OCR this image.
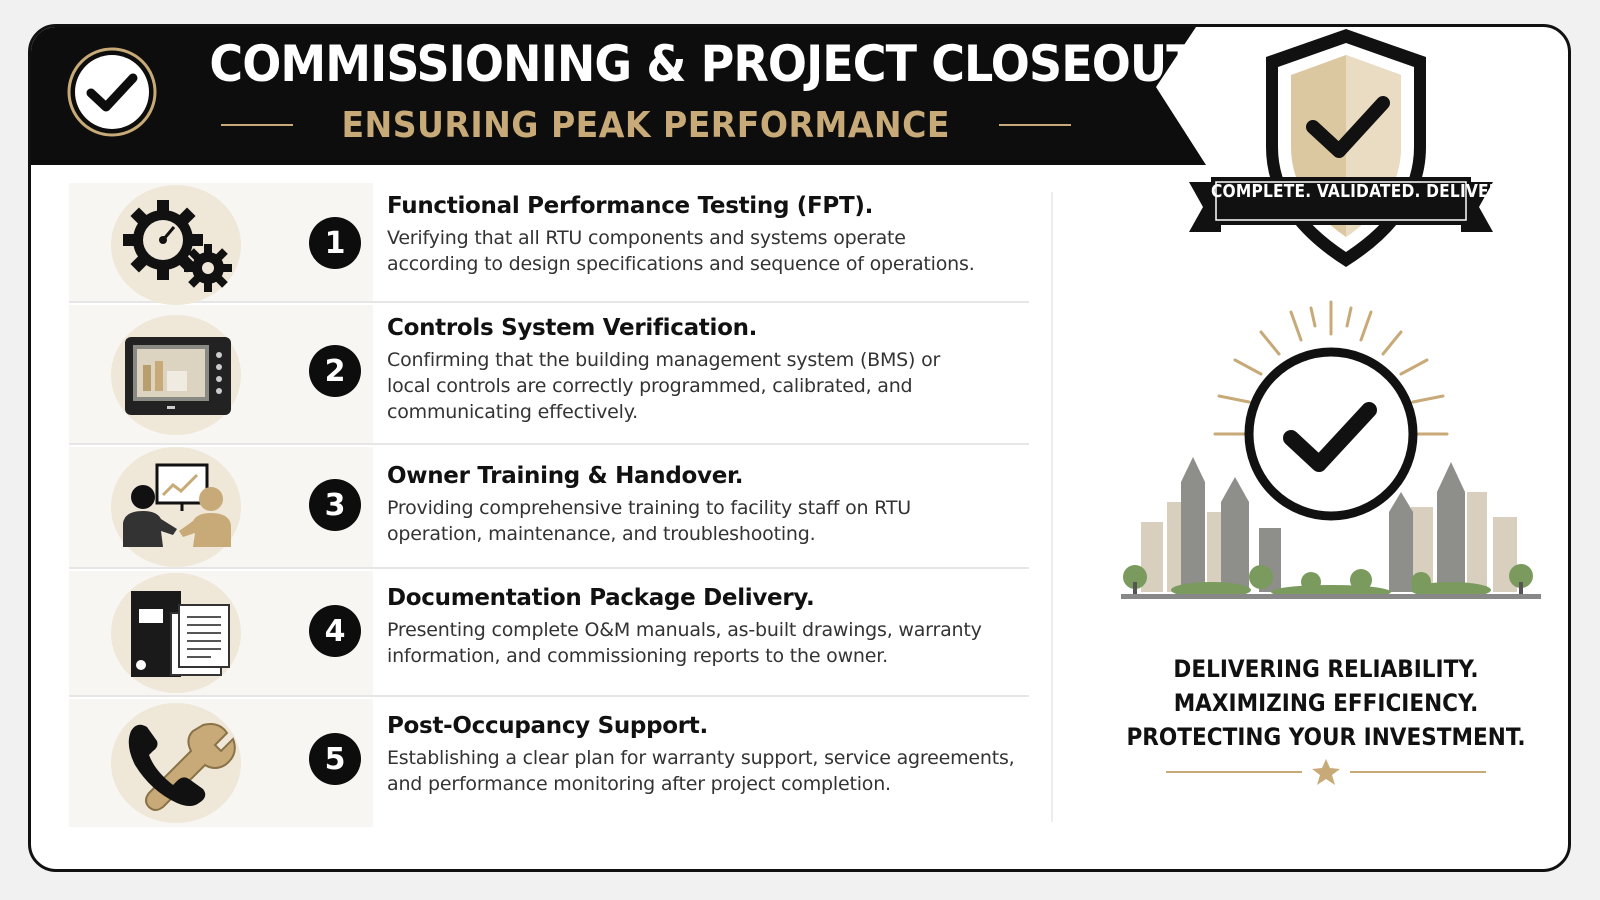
COMMISSIONING & PROJECT CLOSEOUT:
ENSURING PEAK PERFORMANCE
1

Functional Performance Testing (FPT).

Verifying that all RTU components and systems operate
according to design specifications and sequence of operations.

2

Controls System Verification.

Confirming that the building management system (BMS) or
local controls are correctly programmed, calibrated, and
communicating effectively.

3

Owner Training & Handover.

Providing comprehensive training to facility staff on RTU
operation, maintenance, and troubleshooting.

4

Documentation Package Delivery.

Presenting complete O&M manuals, as-built drawings, warranty
information, and commissioning reports to the owner.

5

Post-Occupancy Support.

Establishing a clear plan for warranty support, service agreements,
and performance monitoring after project completion.

COMPLETE. VALIDATED. DELIVERED.
DELIVERING RELIABILITY.
MAXIMIZING EFFICIENCY.
PROTECTING YOUR INVESTMENT.
